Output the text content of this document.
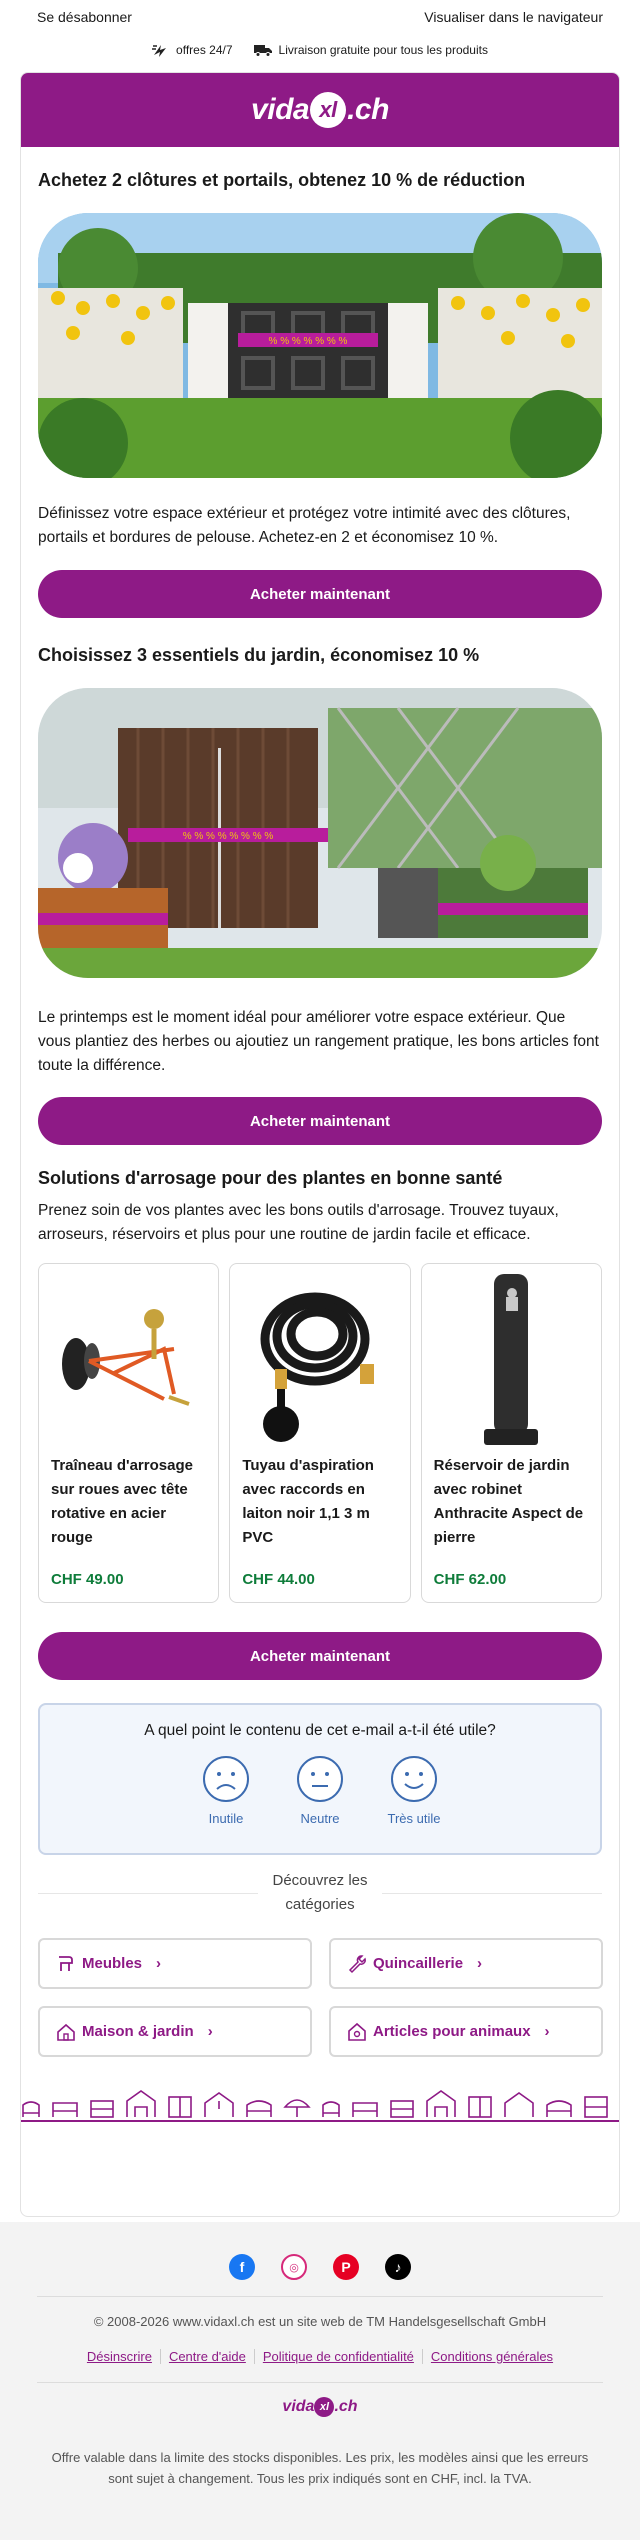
Se désabonner	Visualiser dans le navigateur
offres 24/7	Livraison gratuite pour tous les produits
vida xl .ch
Achetez 2 clôtures et portails, obtenez 10 % de réduction
% % % % % % %

Définissez votre espace extérieur et protégez votre intimité avec des clôtures, portails et bordures de pelouse. Achetez-en 2 et économisez 10 %.

Acheter maintenant
Choisissez 3 essentiels du jardin, économisez 10 %
% % % % % % % %

Le printemps est le moment idéal pour améliorer votre espace extérieur. Que vous plantiez des herbes ou ajoutiez un rangement pratique, les bons articles font toute la différence.

Acheter maintenant
Solutions d'arrosage pour des plantes en bonne santé

Prenez soin de vos plantes avec les bons outils d'arrosage. Trouvez tuyaux, arroseurs, réservoirs et plus pour une routine de jardin facile et efficace.

Traîneau d'arrosage sur roues avec tête rotative en acier rouge
CHF 49.00
Tuyau d'aspiration avec raccords en laiton noir 1,1 3 m PVC
CHF 44.00
Réservoir de jardin avec robinet Anthracite Aspect de pierre
CHF 62.00
Acheter maintenant
A quel point le contenu de cet e-mail a-t-il été utile?
Inutile	Neutre	Très utile
Découvrez les
catégories
Meubles ›	Quincaillerie ›
Maison & jardin ›	Articles pour animaux ›
f	◎	P	♪
© 2008-2026 www.vidaxl.ch est un site web de TM Handelsgesellschaft GmbH
Désinscrire	Centre d'aide	Politique de confidentialité	Conditions générales
vida xl .ch

Offre valable dans la limite des stocks disponibles. Les prix, les modèles ainsi que les erreurs sont sujet à changement. Tous les prix indiqués sont en CHF, incl. la TVA.
